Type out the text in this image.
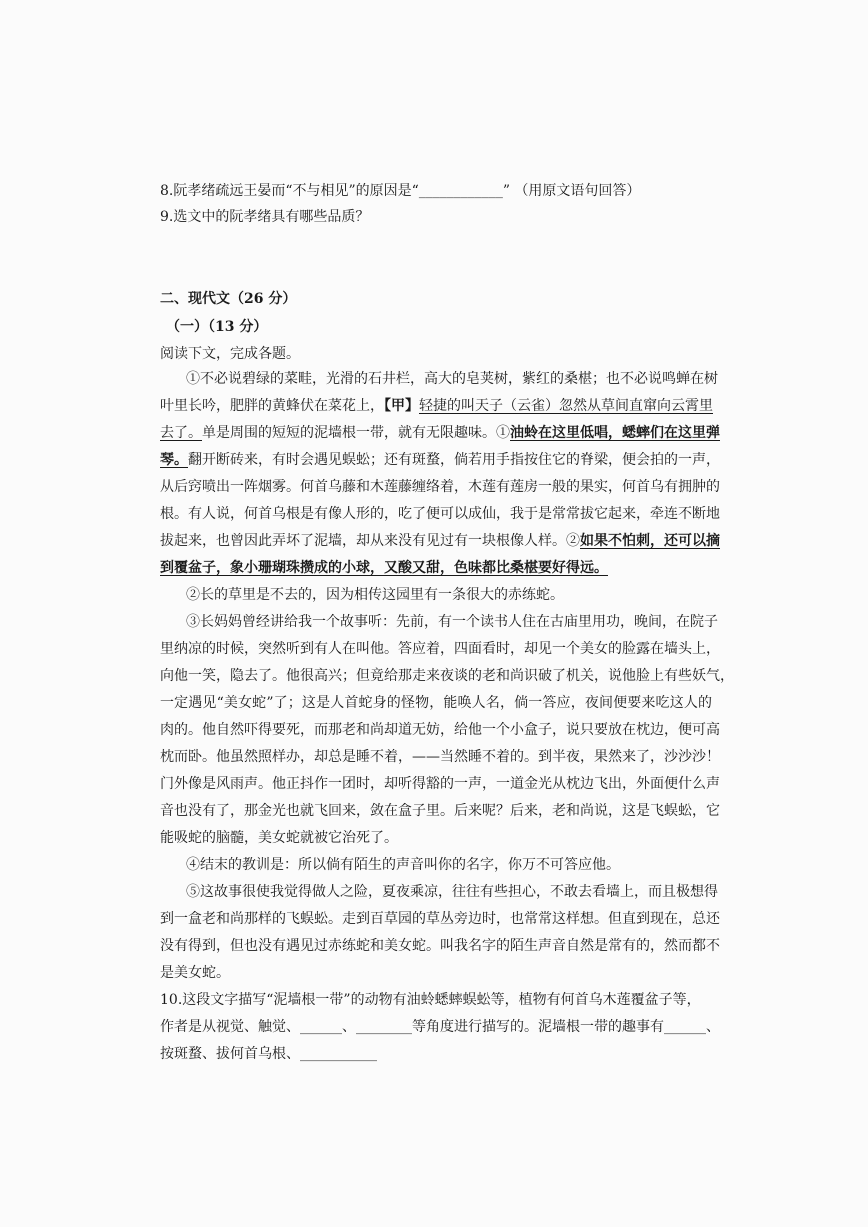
8.阮孝绪疏远王晏而“不与相见”的原因是“____________” （用原文语句回答）
9.选文中的阮孝绪具有哪些品质？
二、现代文（26 分）
（一）（13 分）
阅读下文，完成各题。
①不必说碧绿的菜畦，光滑的石井栏，高大的皂荚树，紫红的桑椹；也不必说鸣蝉在树
叶里长吟，肥胖的黄蜂伏在菜花上，【甲】轻捷的叫天子（云雀）忽然从草间直窜向云霄里
去了。单是周围的短短的泥墙根一带，就有无限趣味。①油蛉在这里低唱，蟋蟀们在这里弹
琴。翻开断砖来，有时会遇见蜈蚣；还有斑蝥，倘若用手指按住它的脊梁，便会拍的一声，
从后窍喷出一阵烟雾。何首乌藤和木莲藤缠络着，木莲有莲房一般的果实，何首乌有拥肿的
根。有人说，何首乌根是有像人形的，吃了便可以成仙，我于是常常拔它起来，牵连不断地
拔起来，也曾因此弄坏了泥墙，却从来没有见过有一块根像人样。②如果不怕刺，还可以摘
到覆盆子，象小珊瑚珠攒成的小球，又酸又甜，色味都比桑椹要好得远。
②长的草里是不去的，因为相传这园里有一条很大的赤练蛇。
③长妈妈曾经讲给我一个故事听：先前，有一个读书人住在古庙里用功，晚间，在院子
里纳凉的时候，突然听到有人在叫他。答应着，四面看时，却见一个美女的脸露在墙头上，
向他一笑，隐去了。他很高兴；但竟给那走来夜谈的老和尚识破了机关，说他脸上有些妖气，
一定遇见“美女蛇”了；这是人首蛇身的怪物，能唤人名，倘一答应，夜间便要来吃这人的
肉的。他自然吓得要死，而那老和尚却道无妨，给他一个小盒子，说只要放在枕边，便可高
枕而卧。他虽然照样办，却总是睡不着，——当然睡不着的。到半夜，果然来了，沙沙沙！
门外像是风雨声。他正抖作一团时，却听得豁的一声，一道金光从枕边飞出，外面便什么声
音也没有了，那金光也就飞回来，敛在盒子里。后来呢？后来，老和尚说，这是飞蜈蚣，它
能吸蛇的脑髓，美女蛇就被它治死了。
④结末的教训是：所以倘有陌生的声音叫你的名字，你万不可答应他。
⑤这故事很使我觉得做人之险，夏夜乘凉，往往有些担心，不敢去看墙上，而且极想得
到一盒老和尚那样的飞蜈蚣。走到百草园的草丛旁边时，也常常这样想。但直到现在，总还
没有得到，但也没有遇见过赤练蛇和美女蛇。叫我名字的陌生声音自然是常有的，然而都不
是美女蛇。
10.这段文字描写“泥墙根一带”的动物有油蛉蟋蟀蜈蚣等，植物有何首乌木莲覆盆子等，
作者是从视觉、触觉、______、________等角度进行描写的。泥墙根一带的趣事有______、
按斑蝥、拔何首乌根、___________
